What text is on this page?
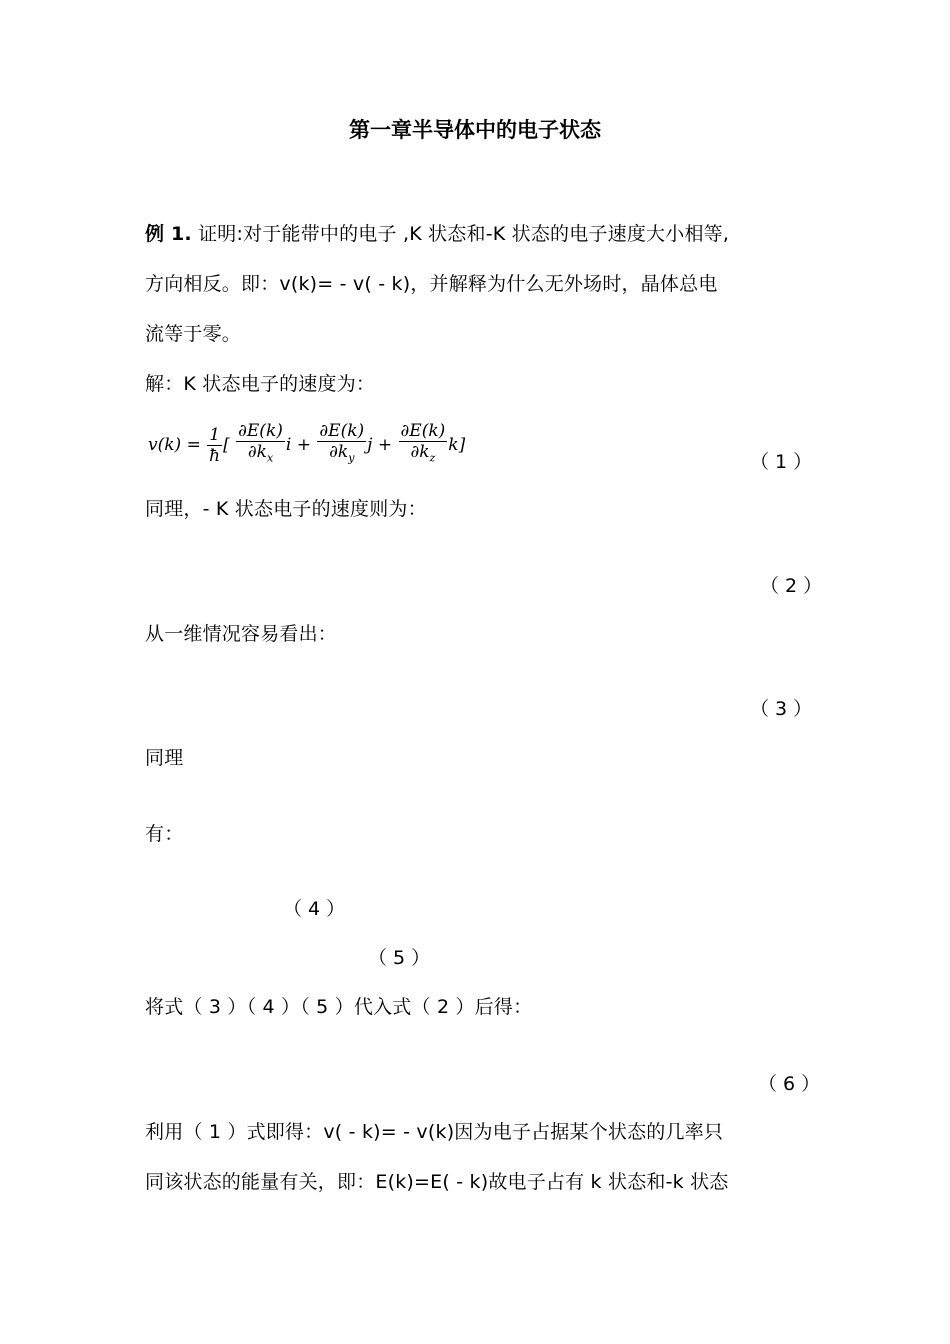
第一章半导体中的电子状态
例 1. 证明:对于能带中的电子 ,K 状态和-K 状态的电子速度大小相等,
方向相反。即：v(k)= - v( - k)，并解释为什么无外场时，晶体总电
流等于零。
解：K 状态电子的速度为：
$v(k) = \frac{1}{ħ}$ [ $\frac{\partial E(k)}{\partial k_x}$ $i + \frac{\partial E(k)}{\partial k_y}$ $j + \frac{\partial E(k)}{\partial k_z} k$]
（ 1 ）
同理，- K 状态电子的速度则为：
（ 2 ）
从一维情况容易看出：
（ 3 ）
同理
有：
（ 4 ）
（ 5 ）
将式（ 3 ）（ 4 ）（ 5 ）代入式（ 2 ）后得：
（ 6 ）
利用（ 1 ）式即得：v( - k)= - v(k)因为电子占据某个状态的几率只
同该状态的能量有关，即：E(k)=E( - k)故电子占有 k 状态和-k 状态
